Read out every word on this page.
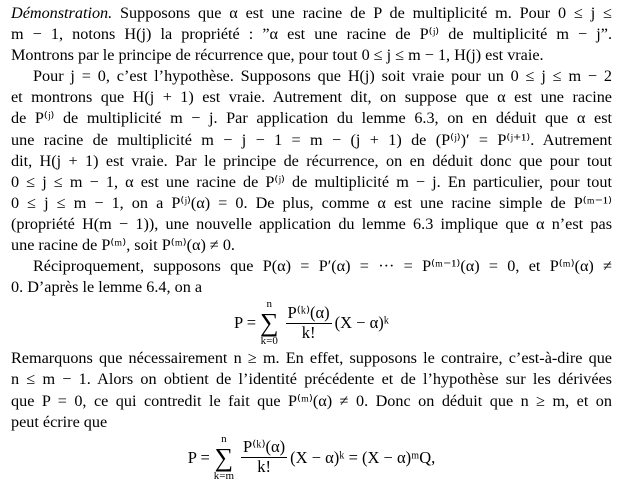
Démonstration. Supposons que α est une racine de P de multiplicité m. Pour 0 ≤ j ≤
m − 1, notons H(j) la propriété : ”α est une racine de P⁽ʲ⁾ de multiplicité m − j”.
Montrons par le principe de récurrence que, pour tout 0 ≤ j ≤ m − 1, H(j) est vraie.
Pour j = 0, c’est l’hypothèse. Supposons que H(j) soit vraie pour un 0 ≤ j ≤ m − 2
et montrons que H(j + 1) est vraie. Autrement dit, on suppose que α est une racine
de P⁽ʲ⁾ de multiplicité m − j. Par application du lemme 6.3, on en déduit que α est
une racine de multiplicité m − j − 1 = m − (j + 1) de (P⁽ʲ⁾)′ = P⁽ʲ⁺¹⁾. Autrement
dit, H(j + 1) est vraie. Par le principe de récurrence, on en déduit donc que pour tout
0 ≤ j ≤ m − 1, α est une racine de P⁽ʲ⁾ de multiplicité m − j. En particulier, pour tout
0 ≤ j ≤ m − 1, on a P⁽ʲ⁾(α) = 0. De plus, comme α est une racine simple de P⁽ᵐ⁻¹⁾
(propriété H(m − 1)), une nouvelle application du lemme 6.3 implique que α n’est pas
une racine de P⁽ᵐ⁾, soit P⁽ᵐ⁾(α) ≠ 0.
Réciproquement, supposons que P(α) = P′(α) = ··· = P⁽ᵐ⁻¹⁾(α) = 0, et P⁽ᵐ⁾(α) ≠
0. D’après le lemme 6.4, on a
P =
n
∑
$k=0 \frac{\text{P⁽ᵏ⁾(α)}}{k!} (X$ − α)ᵏ
Remarquons que nécessairement n ≥ m. En effet, supposons le contraire, c’est-à-dire que
n ≤ m − 1. Alors on obtient de l’identité précédente et de l’hypothèse sur les dérivées
que P = 0, ce qui contredit le fait que P⁽ᵐ⁾(α) ≠ 0. Donc on déduit que n ≥ m, et on
peut écrire que
P =
n
∑
$k=m \frac{\text{P⁽ᵏ⁾(α)}}{k!} (X$ − α)ᵏ = (X − α)ᵐQ,
